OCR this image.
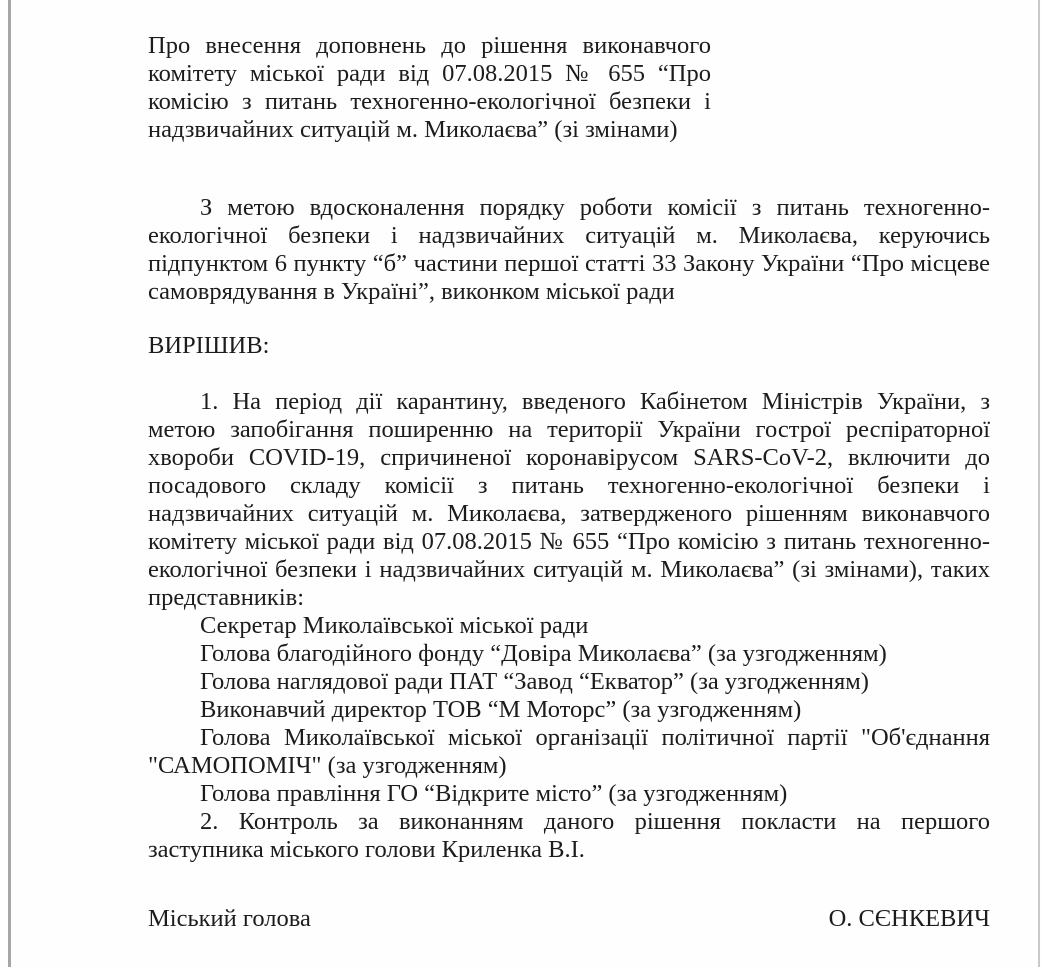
Про внесення доповнень до рішення виконавчого
комітету міської ради від 07.08.2015 № 655 “Про
комісію з питань техногенно-екологічної безпеки і
надзвичайних ситуацій м. Миколаєва” (зі змінами)
З метою вдосконалення порядку роботи комісії з питань техногенно-екологічної безпеки і надзвичайних ситуацій м. Миколаєва, керуючись підпунктом 6 пункту “б” частини першої статті 33 Закону України “Про місцеве самоврядування в Україні”, виконком міської ради
ВИРІШИВ:
1. На період дії карантину, введеного Кабінетом Міністрів України, з метою запобігання поширенню на території України гострої респіраторної хвороби COVID-19, спричиненої коронавірусом SARS-CoV-2, включити до посадового складу комісії з питань техногенно-екологічної безпеки і надзвичайних ситуацій м. Миколаєва, затвердженого рішенням виконавчого комітету міської ради від 07.08.2015 № 655 “Про комісію з питань техногенно-екологічної безпеки і надзвичайних ситуацій м. Миколаєва” (зі змінами), таких представників:
Секретар Миколаївської міської ради
Голова благодійного фонду “Довіра Миколаєва” (за узгодженням)
Голова наглядової ради ПАТ “Завод “Екватор” (за узгодженням)
Виконавчий директор ТОВ “М Моторс” (за узгодженням)
Голова Миколаївської міської організації політичної партії "Об'єднання "САМОПОМІЧ" (за узгодженням)
Голова правління ГО “Відкрите місто” (за узгодженням)
2. Контроль за виконанням даного рішення покласти на першого заступника міського голови Криленка В.І.
Міський голова	О. СЄНКЕВИЧ
